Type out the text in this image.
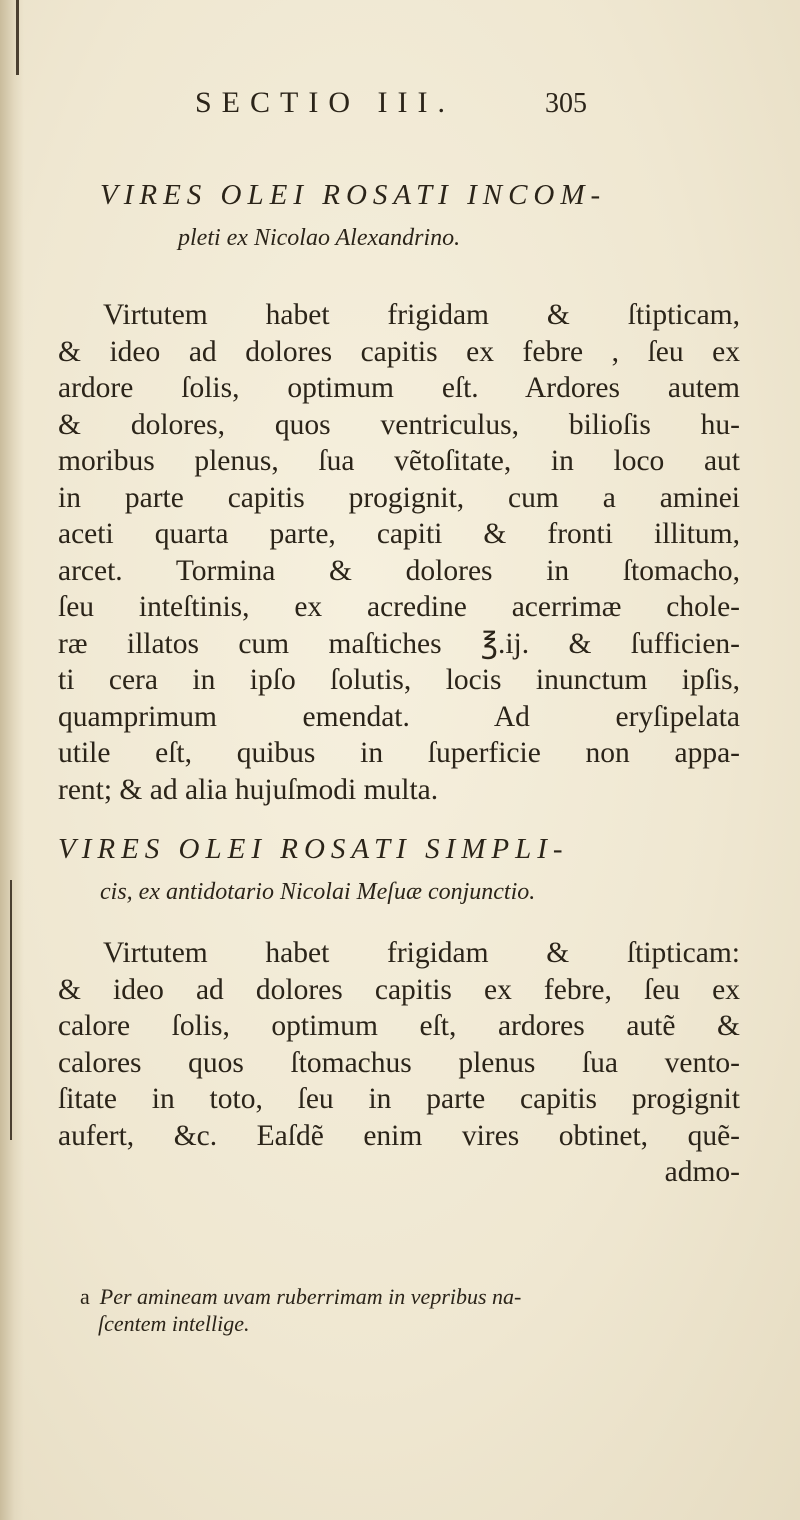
SECTIO III.	305
VIRES OLEI ROSATI INCOM-
pleti ex Nicolao Alexandrino.
Virtutem habet frigidam & ſtipticam,
& ideo ad dolores capitis ex febre , ſeu ex
ardore ſolis, optimum eſt. Ardores autem
& dolores, quos ventriculus, bilioſis hu-
moribus plenus, ſua vẽtoſitate, in loco aut
in parte capitis progignit, cum a aminei
aceti quarta parte, capiti & fronti illitum,
arcet. Tormina & dolores in ſtomacho,
ſeu inteſtinis, ex acredine acerrimæ chole-
ræ illatos cum maſtiches ℥.ij. & ſufficien-
ti cera in ipſo ſolutis, locis inunctum ipſis,
quamprimum emendat. Ad eryſipelata
utile eſt, quibus in ſuperficie non appa-
rent; & ad alia hujuſmodi multa.
VIRES OLEI ROSATI SIMPLI-
cis, ex antidotario Nicolai Meſuæ conjunctio.
Virtutem habet frigidam & ſtipticam:
& ideo ad dolores capitis ex febre, ſeu ex
calore ſolis, optimum eſt, ardores autẽ &
calores quos ſtomachus plenus ſua vento-
ſitate in toto, ſeu in parte capitis progignit
aufert, &c. Eaſdẽ enim vires obtinet, quẽ-
admo-
a Per amineam uvam ruberrimam in vepribus na-
ſcentem intellige.
